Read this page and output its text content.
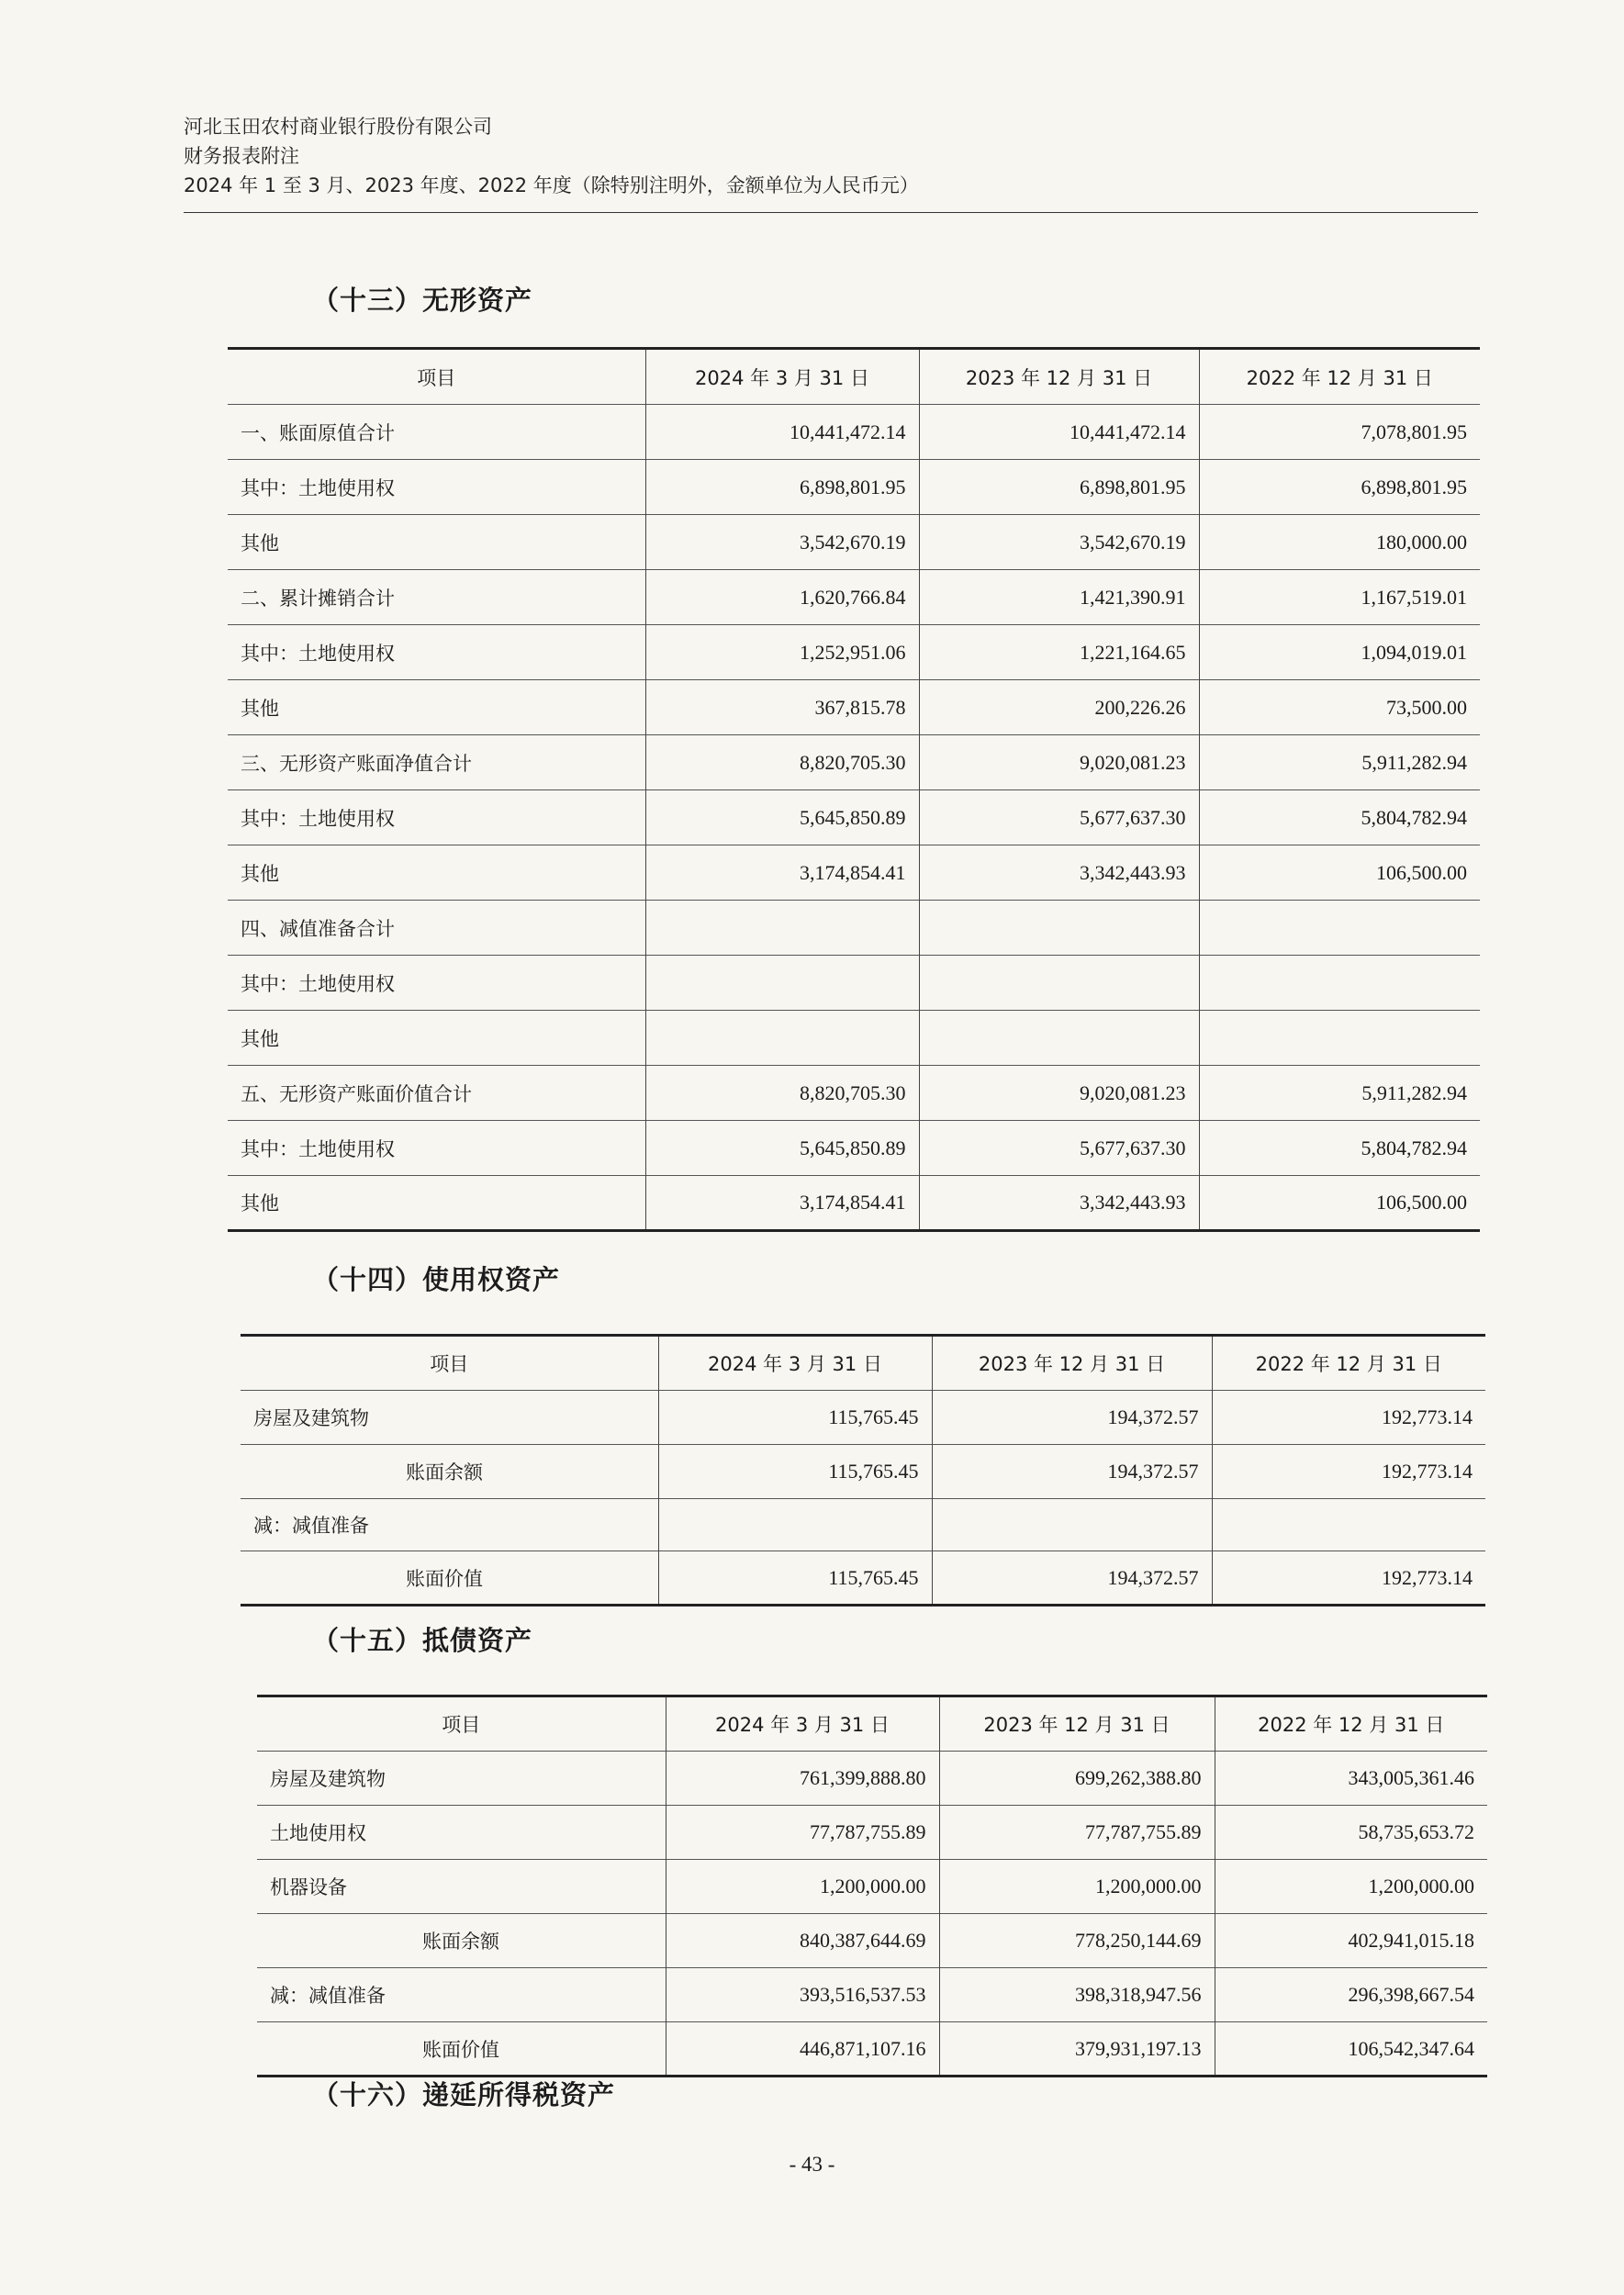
河北玉田农村商业银行股份有限公司
财务报表附注
2024 年 1 至 3 月、2023 年度、2022 年度（除特别注明外，金额单位为人民币元）
（十三）无形资产
项目	2024 年 3 月 31 日	2023 年 12 月 31 日	2022 年 12 月 31 日
一、账面原值合计	10,441,472.14	10,441,472.14	7,078,801.95
其中：土地使用权	6,898,801.95	6,898,801.95	6,898,801.95
其他	3,542,670.19	3,542,670.19	180,000.00
二、累计摊销合计	1,620,766.84	1,421,390.91	1,167,519.01
其中：土地使用权	1,252,951.06	1,221,164.65	1,094,019.01
其他	367,815.78	200,226.26	73,500.00
三、无形资产账面净值合计	8,820,705.30	9,020,081.23	5,911,282.94
其中：土地使用权	5,645,850.89	5,677,637.30	5,804,782.94
其他	3,174,854.41	3,342,443.93	106,500.00
四、减值准备合计			
其中：土地使用权			
其他			
五、无形资产账面价值合计	8,820,705.30	9,020,081.23	5,911,282.94
其中：土地使用权	5,645,850.89	5,677,637.30	5,804,782.94
其他	3,174,854.41	3,342,443.93	106,500.00
（十四）使用权资产
项目	2024 年 3 月 31 日	2023 年 12 月 31 日	2022 年 12 月 31 日
房屋及建筑物	115,765.45	194,372.57	192,773.14
账面余额	115,765.45	194,372.57	192,773.14
减：减值准备			
账面价值	115,765.45	194,372.57	192,773.14
（十五）抵债资产
项目	2024 年 3 月 31 日	2023 年 12 月 31 日	2022 年 12 月 31 日
房屋及建筑物	761,399,888.80	699,262,388.80	343,005,361.46
土地使用权	77,787,755.89	77,787,755.89	58,735,653.72
机器设备	1,200,000.00	1,200,000.00	1,200,000.00
账面余额	840,387,644.69	778,250,144.69	402,941,015.18
减：减值准备	393,516,537.53	398,318,947.56	296,398,667.54
账面价值	446,871,107.16	379,931,197.13	106,542,347.64
（十六）递延所得税资产
- 43 -
